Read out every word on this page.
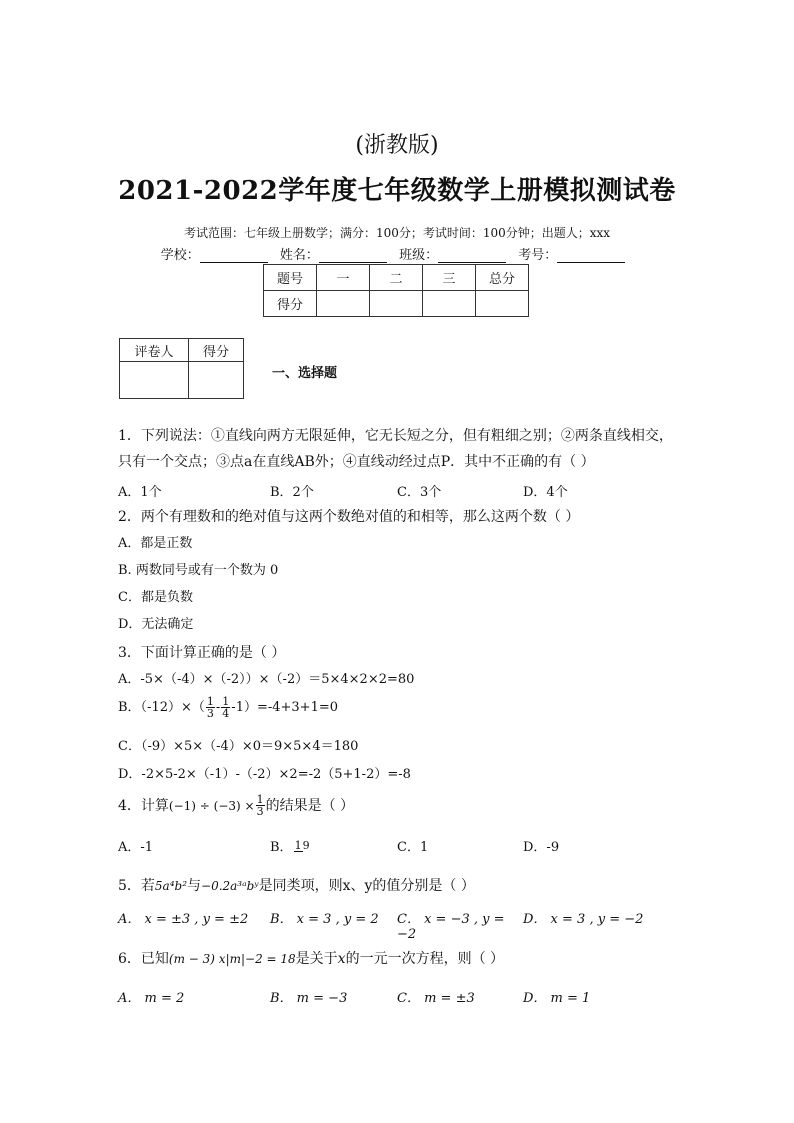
(浙教版)
2021-2022学年度七年级数学上册模拟测试卷
考试范围：七年级上册数学；满分：100分；考试时间：100分钟；出题人；xxx
学校：	姓名：	班级：	考号：
题号	一	二	三	总分
得分				
评卷人	得分

一、选择题
1．下列说法：①直线向两方无限延伸，它无长短之分，但有粗细之别；②两条直线相交，
只有一个交点；③点a在直线AB外；④直线动经过点P．其中不正确的有（ ）
A．1个	B．2个	C．3个	D．4个
2．两个有理数和的绝对值与这两个数绝对值的和相等，那么这两个数（ ）
A．都是正数
B. 两数同号或有一个数为 0
C．都是负数
D．无法确定
3．下面计算正确的是（ ）
A．-5×（-4）×（-2））×（-2）＝5×4×2×2=80
B．$(-12)\times( \frac{1}{3} - \frac{1}{4} -1)=-4+3+1=0$
C．（-9）×5×（-4）×0＝9×5×4＝180
D．-2×5-2×（-1）-（-2）×2=-2（5+1-2）=-8
4．计算 $(-1) \div (-3) \times \frac{1}{3}$ 的结果是（ ）
A．-1	B． 19	C．1	D．-9
5．若5a⁴b²与−0.2a³ᵃbʸ是同类项，则x、y的值分别是（ ）
A． x = ±3 , y = ±2	B． x = 3 , y = 2	C． x = −3 , y = −2
D． x = 3 , y = −2
6．已知(m − 3) x|m|−2 = 18是关于x的一元一次方程，则（ ）
A． m = 2	B． m = −3	C． m = ±3	D． m = 1
